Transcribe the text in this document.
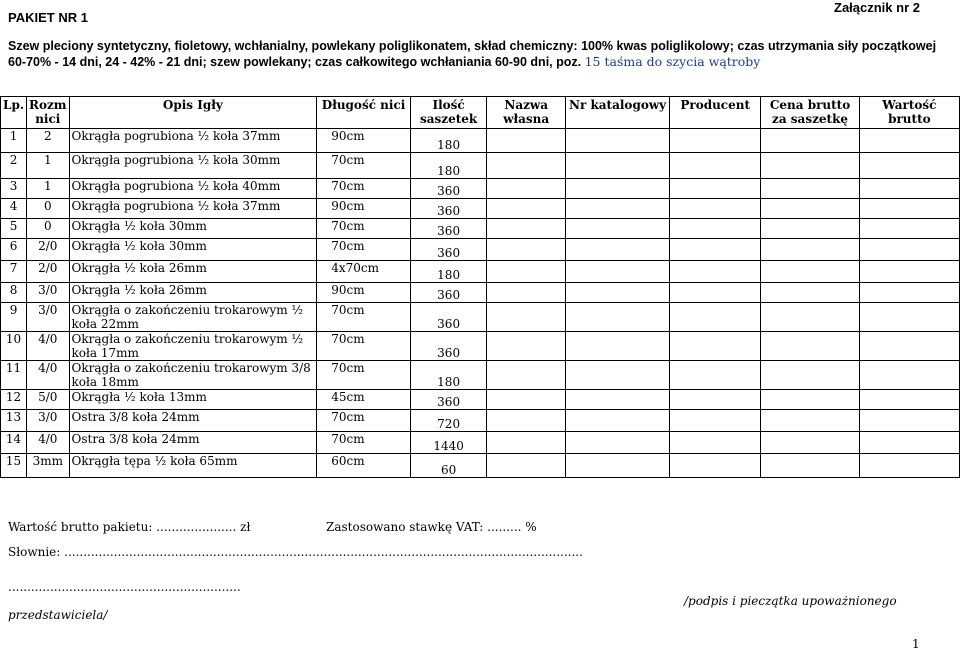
PAKIET NR 1
Załącznik nr 2
Szew pleciony syntetyczny, fioletowy, wchłanialny, powlekany poliglikonatem, skład chemiczny: 100% kwas poliglikolowy; czas utrzymania siły początkowej 60-70% - 14 dni, 24 - 42% - 21 dni; szew powlekany; czas całkowitego wchłaniania 60-90 dni, poz. 15 taśma do szycia wątroby
Lp.	Rozm nici	Opis Igły	Długość nici	Ilość saszetek	Nazwa własna	Nr katalogowy	Producent	Cena brutto za saszetkę	Wartość brutto
1	2	Okrągła pogrubiona ½ koła 37mm	90cm	180					
2	1	Okrągła pogrubiona ½ koła 30mm	70cm	180					
3	1	Okrągła pogrubiona ½ koła 40mm	70cm	360					
4	0	Okrągła pogrubiona ½ koła 37mm	90cm	360					
5	0	Okrągła ½ koła 30mm	70cm	360					
6	2/0	Okrągła ½ koła 30mm	70cm	360					
7	2/0	Okrągła ½ koła 26mm	4x70cm	180					
8	3/0	Okrągła ½ koła 26mm	90cm	360					
9	3/0	Okrągła o zakończeniu trokarowym ½ koła 22mm	70cm	360					
10	4/0	Okrągła o zakończeniu trokarowym ½ koła 17mm	70cm	360					
11	4/0	Okrągła o zakończeniu trokarowym 3/8 koła 18mm	70cm	180					
12	5/0	Okrągła ½ koła 13mm	45cm	360					
13	3/0	Ostra 3/8 koła 24mm	70cm	720					
14	4/0	Ostra 3/8 koła 24mm	70cm	1440					
15	3mm	Okrągła tępa ½ koła 65mm	60cm	60					
Wartość brutto pakietu: ..................... zł	Zastosowano stawkę VAT: ......... %
Słownie: ........................................................................................................................................
.............................................................
/podpis i pieczątka upoważnionego
przedstawiciela/
1
